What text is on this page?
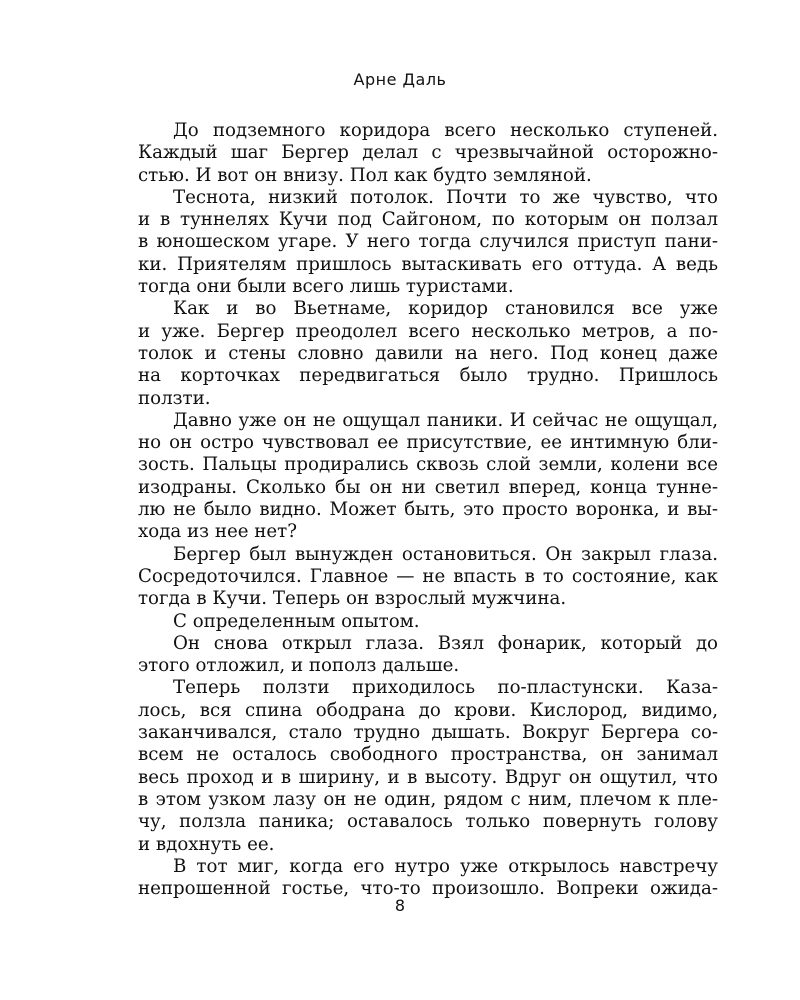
Арне Даль
До подземного коридора всего несколько ступеней.
Каждый шаг Бергер делал с чрезвычайной осторожно-
стью. И вот он внизу. Пол как будто земляной.
Теснота, низкий потолок. Почти то же чувство, что
и в туннелях Кучи под Сайгоном, по которым он ползал
в юношеском угаре. У него тогда случился приступ пани-
ки. Приятелям пришлось вытаскивать его оттуда. А ведь
тогда они были всего лишь туристами.
Как и во Вьетнаме, коридор становился все уже
и уже. Бергер преодолел всего несколько метров, а по-
толок и стены словно давили на него. Под конец даже
на корточках передвигаться было трудно. Пришлось
ползти.
Давно уже он не ощущал паники. И сейчас не ощущал,
но он остро чувствовал ее присутствие, ее интимную бли-
зость. Пальцы продирались сквозь слой земли, колени все
изодраны. Сколько бы он ни светил вперед, конца тунне-
лю не было видно. Может быть, это просто воронка, и вы-
хода из нее нет?
Бергер был вынужден остановиться. Он закрыл глаза.
Сосредоточился. Главное — не впасть в то состояние, как
тогда в Кучи. Теперь он взрослый мужчина.
С определенным опытом.
Он снова открыл глаза. Взял фонарик, который до
этого отложил, и пополз дальше.
Теперь ползти приходилось по-пластунски. Каза-
лось, вся спина ободрана до крови. Кислород, видимо,
заканчивался, стало трудно дышать. Вокруг Бергера со-
всем не осталось свободного пространства, он занимал
весь проход и в ширину, и в высоту. Вдруг он ощутил, что
в этом узком лазу он не один, рядом с ним, плечом к пле-
чу, ползла паника; оставалось только повернуть голову
и вдохнуть ее.
В тот миг, когда его нутро уже открылось навстречу
непрошенной гостье, что-то произошло. Вопреки ожида-
8
